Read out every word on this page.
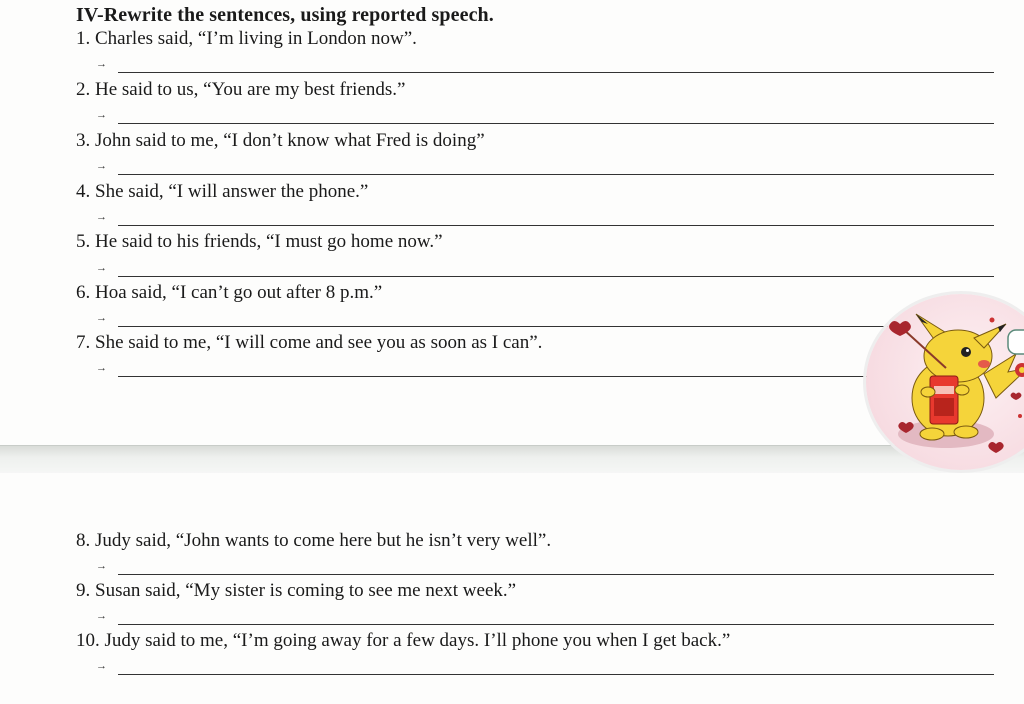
IV-Rewrite the sentences, using reported speech.
1. Charles said, “I’m living in London now”.
→
2. He said to us, “You are my best friends.”
→
3. John said to me, “I don’t know what Fred is doing”
→
4. She said, “I will answer the phone.”
→
5. He said to his friends, “I must go home now.”
→
6. Hoa said, “I can’t go out after 8 p.m.”
→
7. She said to me, “I will come and see you as soon as I can”.
→
8. Judy said, “John wants to come here but he isn’t very well”.
→
9. Susan said, “My sister is coming to see me next week.”
→
10. Judy said to me, “I’m going away for a few days. I’ll phone you when I get back.”
→
